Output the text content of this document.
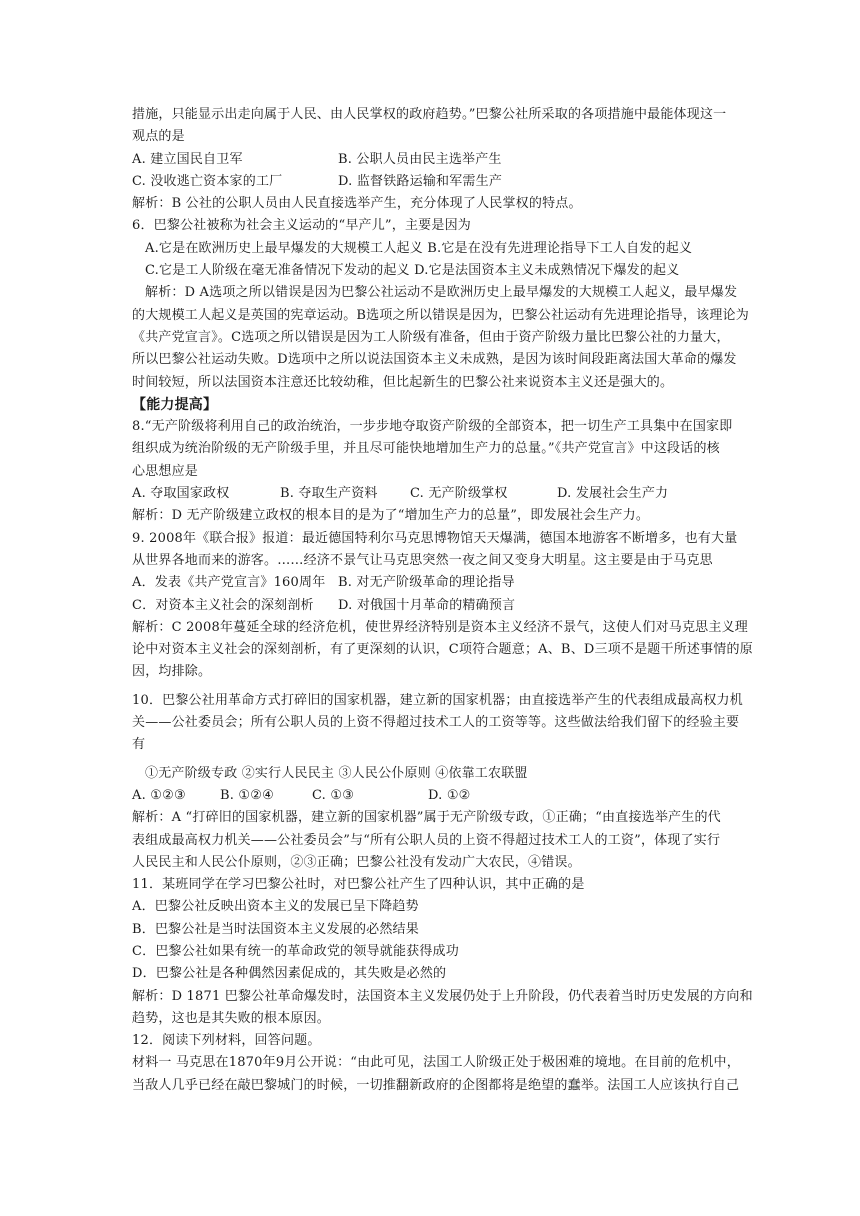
措施，只能显示出走向属于人民、由人民掌权的政府趋势。”巴黎公社所采取的各项措施中最能体现这一
观点的是
A. 建立国民自卫军	B. 公职人员由民主选举产生
C. 没收逃亡资本家的工厂	D. 监督铁路运输和军需生产
解析：B 公社的公职人员由人民直接选举产生，充分体现了人民掌权的特点。
6．巴黎公社被称为社会主义运动的“早产儿”，主要是因为
A.它是在欧洲历史上最早爆发的大规模工人起义 B.它是在没有先进理论指导下工人自发的起义
C.它是工人阶级在毫无准备情况下发动的起义 D.它是法国资本主义未成熟情况下爆发的起义
解析：D A选项之所以错误是因为巴黎公社运动不是欧洲历史上最早爆发的大规模工人起义，最早爆发
的大规模工人起义是英国的宪章运动。B选项之所以错误是因为，巴黎公社运动有先进理论指导，该理论为
《共产党宣言》。C选项之所以错误是因为工人阶级有准备，但由于资产阶级力量比巴黎公社的力量大，
所以巴黎公社运动失败。D选项中之所以说法国资本主义未成熟，是因为该时间段距离法国大革命的爆发
时间较短，所以法国资本注意还比较幼稚，但比起新生的巴黎公社来说资本主义还是强大的。
【能力提高】
8.“无产阶级将利用自己的政治统治，一步步地夺取资产阶级的全部资本，把一切生产工具集中在国家即
组织成为统治阶级的无产阶级手里，并且尽可能快地增加生产力的总量。”《共产党宣言》中这段话的核
心思想应是
A. 夺取国家政权	B. 夺取生产资料 C. 无产阶级掌权	D. 发展社会生产力
解析：D 无产阶级建立政权的根本目的是为了“增加生产力的总量”，即发展社会生产力。
9. 2008年《联合报》报道：最近德国特利尔马克思博物馆天天爆满，德国本地游客不断增多，也有大量
从世界各地而来的游客。……经济不景气让马克思突然一夜之间又变身大明星。这主要是由于马克思
A．发表《共产党宣言》160周年 B. 对无产阶级革命的理论指导
C．对资本主义社会的深刻剖析 D. 对俄国十月革命的精确预言
解析：C 2008年蔓延全球的经济危机，使世界经济特别是资本主义经济不景气，这使人们对马克思主义理
论中对资本主义社会的深刻剖析，有了更深刻的认识，C项符合题意；A、B、D三项不是题干所述事情的原
因，均排除。
10．巴黎公社用革命方式打碎旧的国家机器，建立新的国家机器；由直接选举产生的代表组成最高权力机
关——公社委员会；所有公职人员的上资不得超过技术工人的工资等等。这些做法给我们留下的经验主要
有
①无产阶级专政 ②实行人民民主 ③人民公仆原则 ④依靠工农联盟
A. ①②③	B. ①②④	C. ①③	D. ①②
解析：A “打碎旧的国家机器，建立新的国家机器”属于无产阶级专政，①正确；“由直接选举产生的代
表组成最高权力机关——公社委员会”与“所有公职人员的上资不得超过技术工人的工资”，体现了实行
人民民主和人民公仆原则，②③正确；巴黎公社没有发动广大农民，④错误。
11．某班同学在学习巴黎公社时，对巴黎公社产生了四种认识，其中正确的是
A．巴黎公社反映出资本主义的发展已呈下降趋势
B．巴黎公社是当时法国资本主义发展的必然结果
C．巴黎公社如果有统一的革命政党的领导就能获得成功
D．巴黎公社是各种偶然因素促成的，其失败是必然的
解析：D 1871 巴黎公社革命爆发时，法国资本主义发展仍处于上升阶段，仍代表着当时历史发展的方向和
趋势，这也是其失败的根本原因。
12．阅读下列材料，回答问题。
材料一 马克思在1870年9月公开说：“由此可见，法国工人阶级正处于极困难的境地。在目前的危机中，
当敌人几乎已经在敲巴黎城门的时候，一切推翻新政府的企图都将是绝望的蠢举。法国工人应该执行自己
